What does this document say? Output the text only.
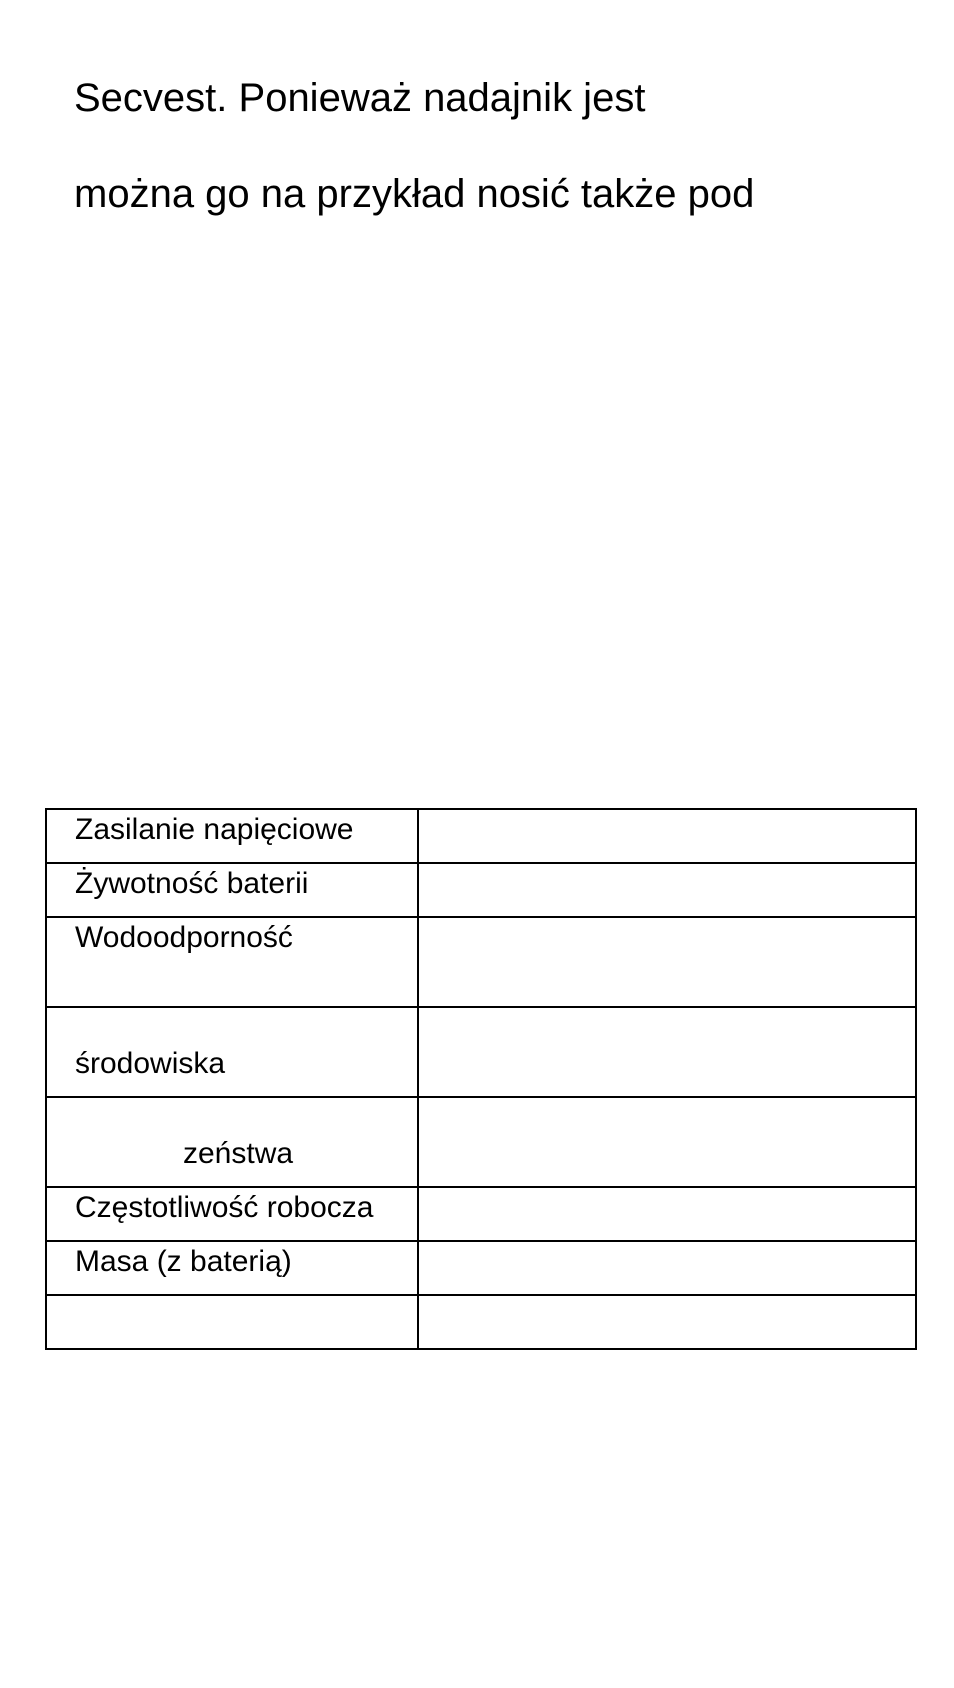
Secvest. Ponieważ nadajnik jest

można go na przykład nosić także pod

Zasilanie napięciowe	

Żywotność baterii	

Wodoodporność	

środowiska	

zeństwa	

Częstotliwość robocza	

Masa (z baterią)	
